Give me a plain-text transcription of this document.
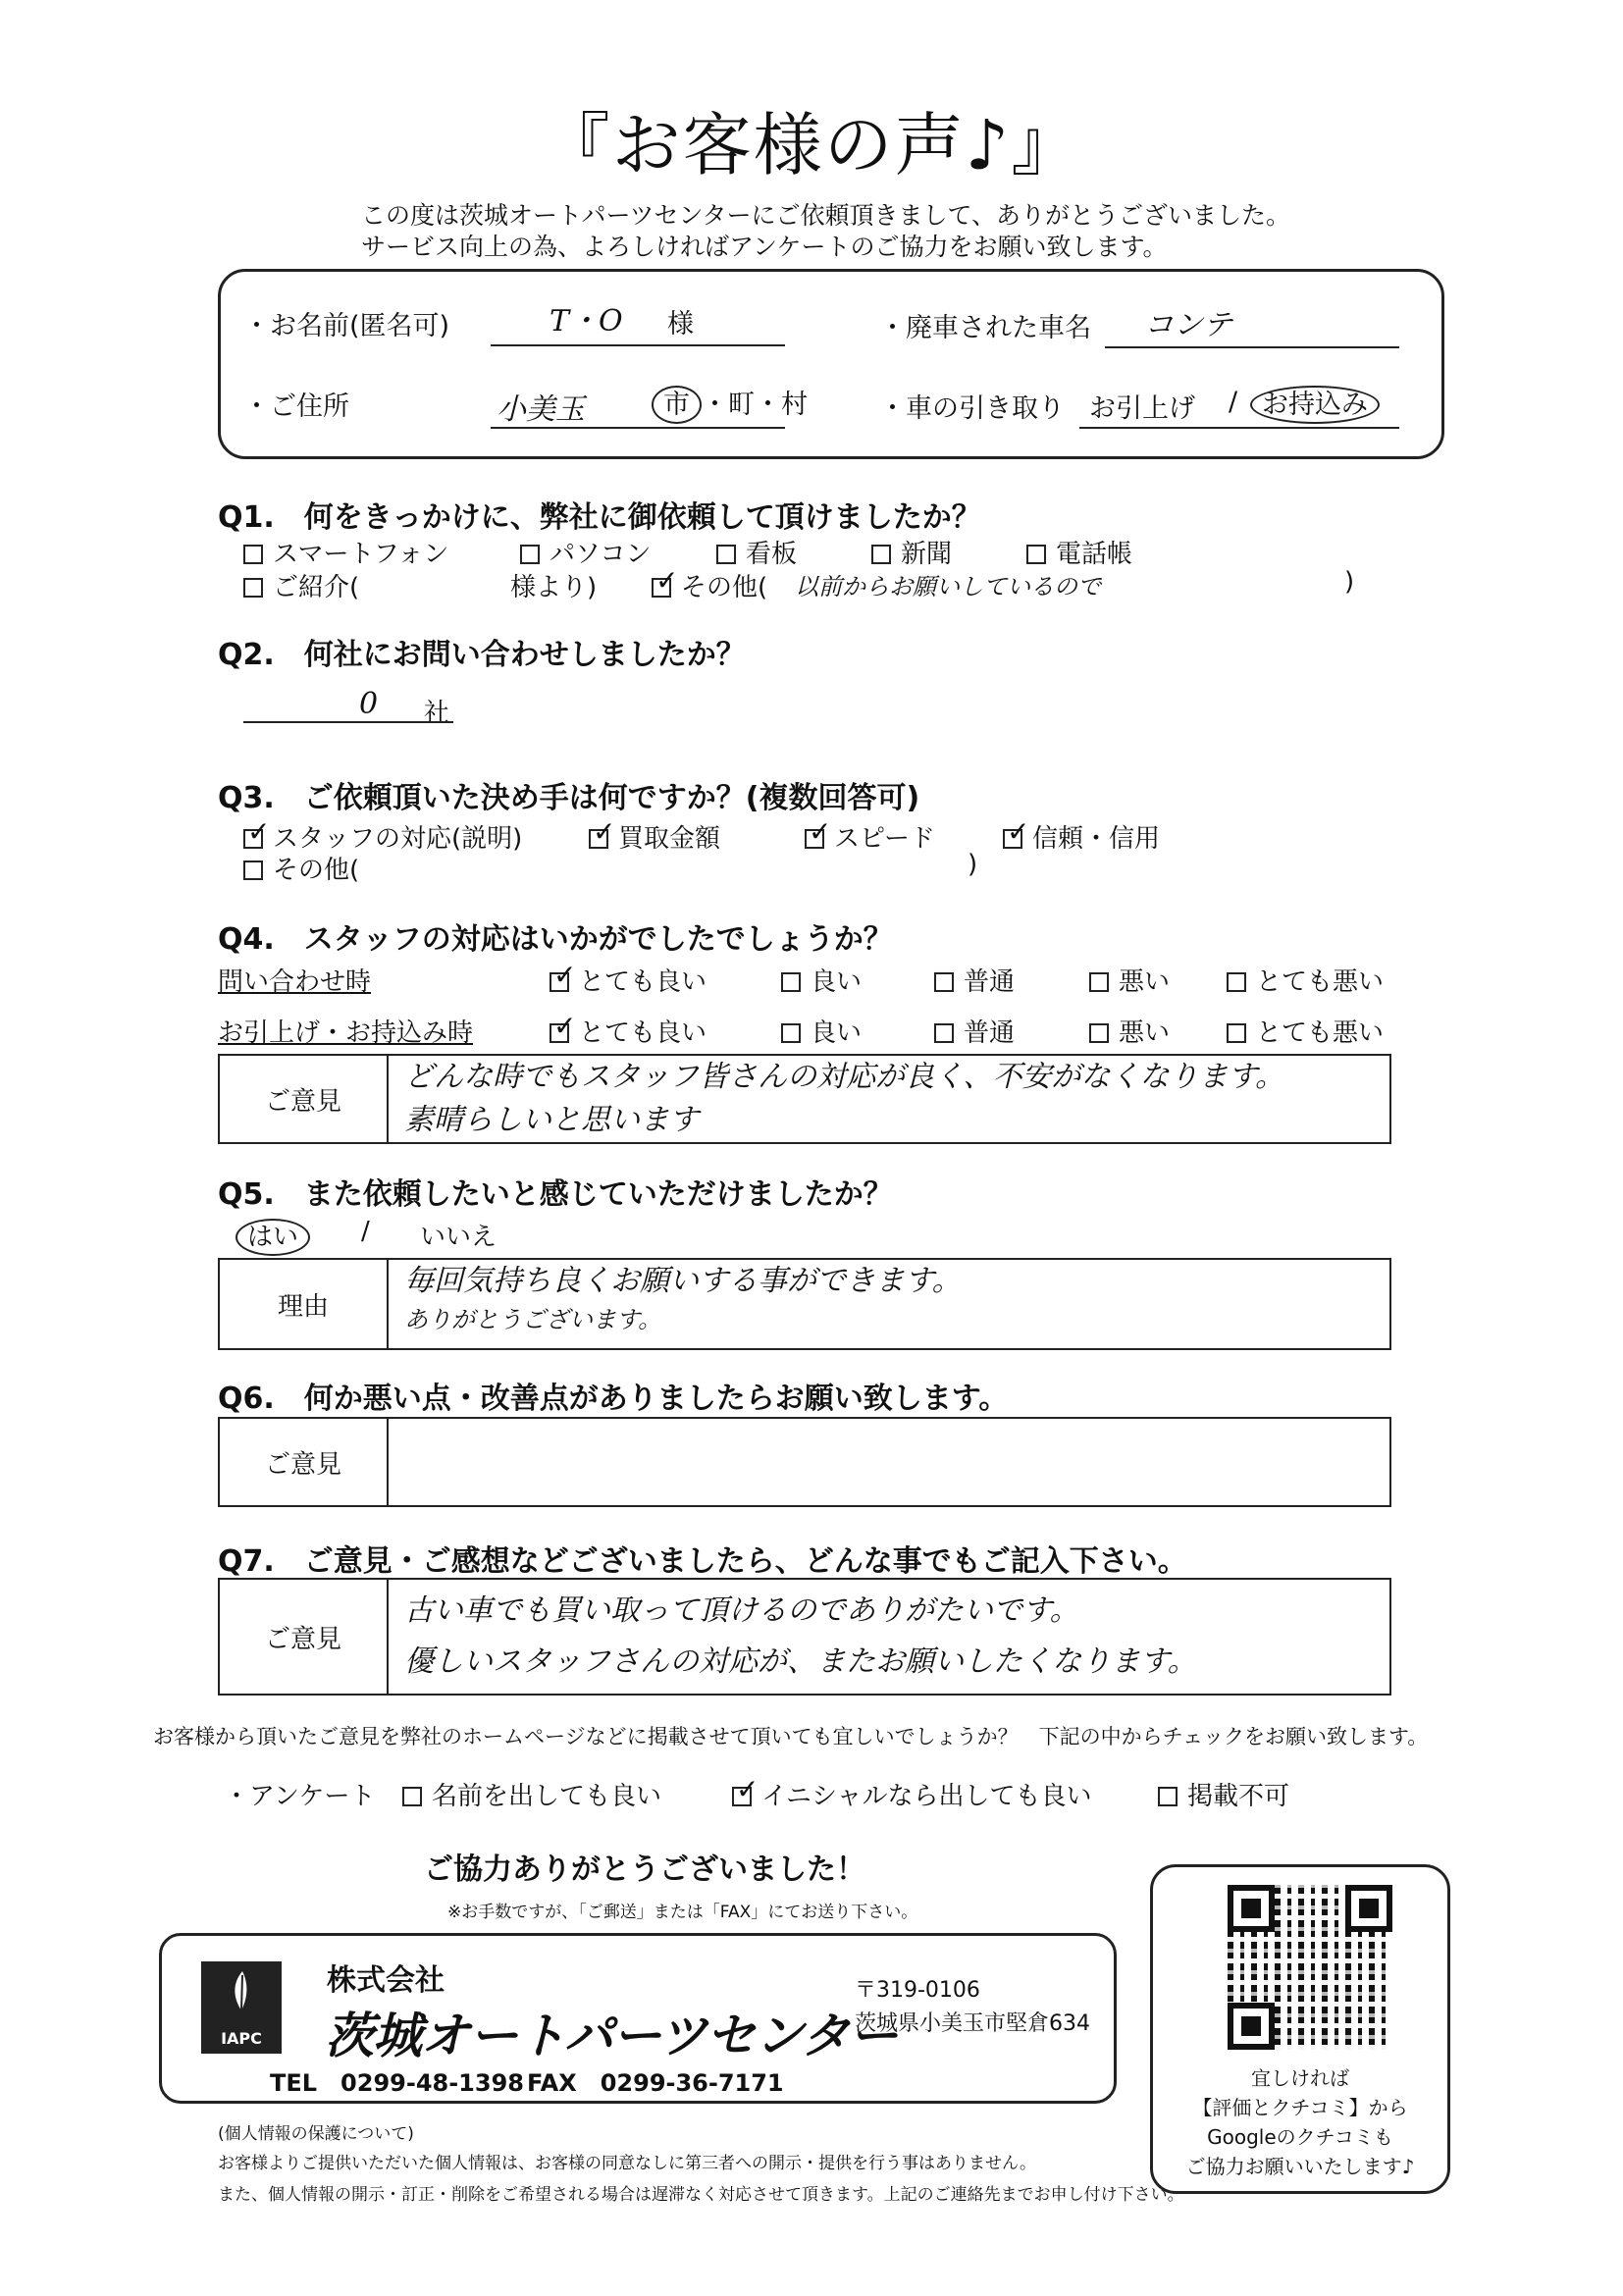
『お客様の声♪』
この度は茨城オートパーツセンターにご依頼頂きまして、ありがとうございました。
サービス向上の為、よろしければアンケートのご協力をお願い致します。
・お名前(匿名可)	T・O 様	・廃車された車名 コンテ
・ご住所	小美玉	市 ・町・村	・車の引き取り お引上げ / お持込み
Q1.　何をきっかけに、弊社に御依頼して頂けましたか？
スマートフォン	パソコン	看板	新聞	電話帳
ご紹介(	様より) ✓	その他( 以前からお願いしているので	)
Q2.　何社にお問い合わせしましたか？
0 社
Q3.　ご依頼頂いた決め手は何ですか？(複数回答可)
✓スタッフの対応(説明) ✓	買取金額 ✓	スピード ✓	信頼・信用
その他(	)
Q4.　スタッフの対応はいかがでしたでしょうか？
問い合わせ時 ✓	とても良い	良い	普通	悪い	とても悪い
お引上げ・お持込み時 ✓	とても良い	良い	普通	悪い	とても悪い
ご意見
どんな時でもスタッフ皆さんの対応が良く、不安がなくなります。
素晴らしいと思います
Q5.　また依頼したいと感じていただけましたか？
はい	/ いいえ
理由
毎回気持ち良くお願いする事ができます。
ありがとうございます。
Q6.　何か悪い点・改善点がありましたらお願い致します。
ご意見
Q7.　ご意見・ご感想などございましたら、どんな事でもご記入下さい。
ご意見
古い車でも買い取って頂けるのでありがたいです。
優しいスタッフさんの対応が、またお願いしたくなります。
お客様から頂いたご意見を弊社のホームページなどに掲載させて頂いても宜しいでしょうか？　下記の中からチェックをお願い致します。
・アンケート	名前を出しても良い ✓	イニシャルなら出しても良い	掲載不可
ご協力ありがとうございました！
※お手数ですが、「ご郵送」または「FAX」にてお送り下さい。
IAPC
株式会社
茨城オートパーツセンター
〒319-0106
茨城県小美玉市堅倉634
TEL　0299-48-1398 FAX　0299-36-7171	宜しければ
【評価とクチコミ】から
Googleのクチコミも
ご協力お願いいたします♪
(個人情報の保護について)
お客様よりご提供いただいた個人情報は、お客様の同意なしに第三者への開示・提供を行う事はありません。
また、個人情報の開示・訂正・削除をご希望される場合は遅滞なく対応させて頂きます。上記のご連絡先までお申し付け下さい。
